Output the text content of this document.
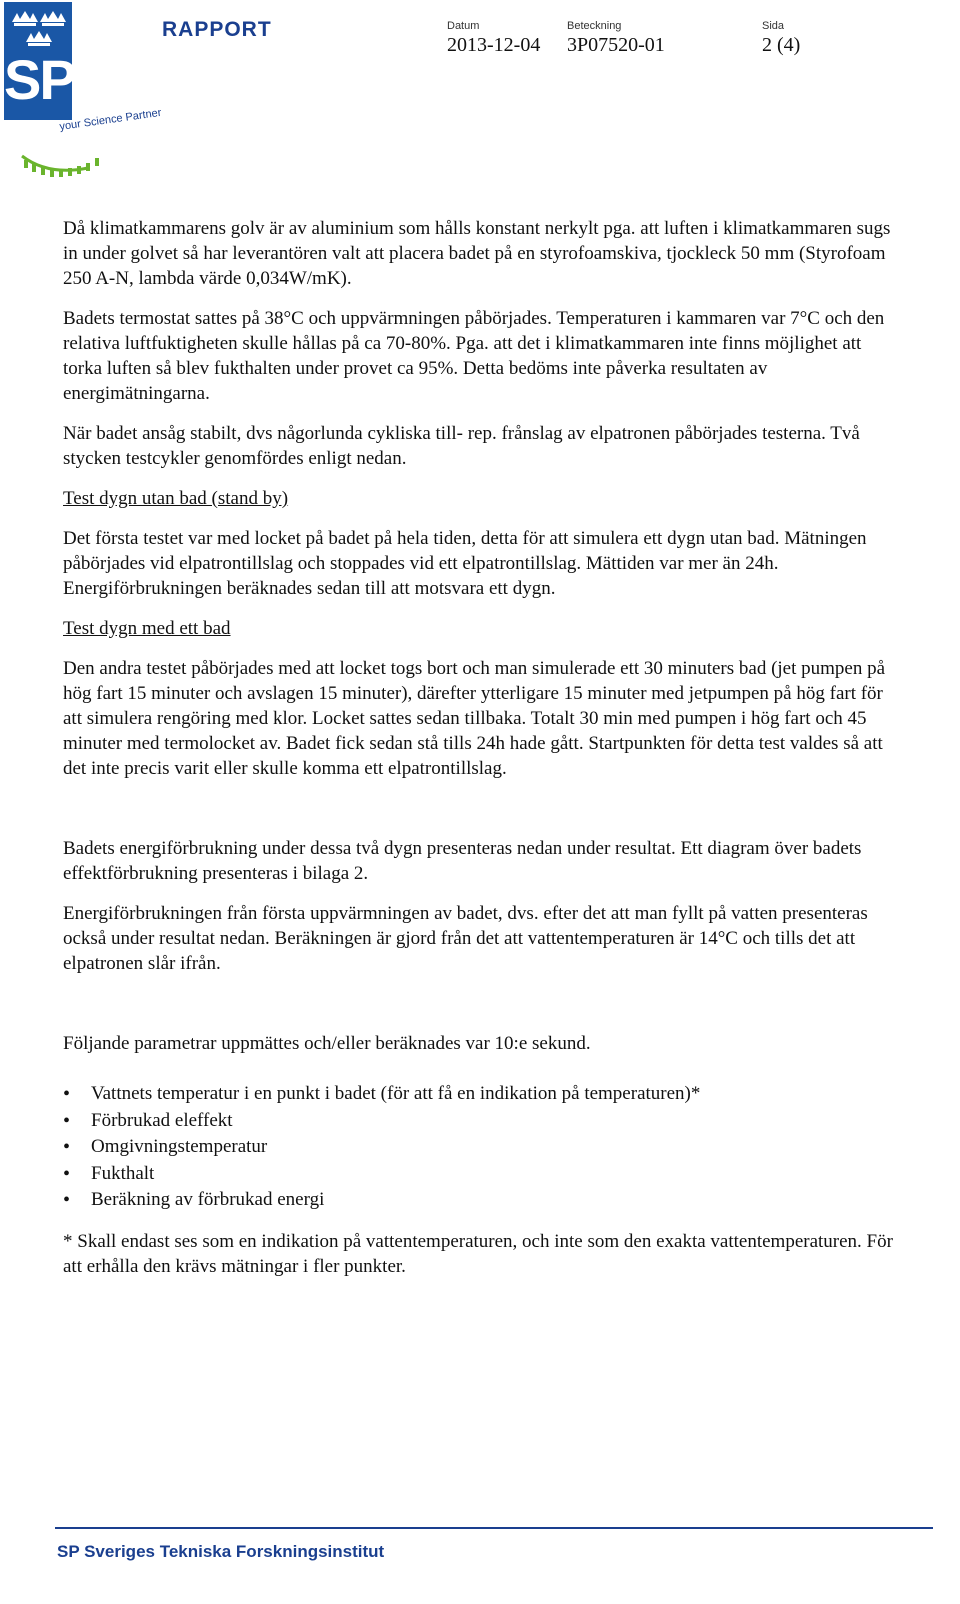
SP
your Science Partner
RAPPORT	Datum
2013-12-04
Beteckning
3P07520-01
Sida
2 (4)

Då klimatkammarens golv är av aluminium som hålls konstant nerkylt pga. att luften i klimatkammaren sugs in under golvet så har leverantören valt att placera badet på en styrofoamskiva, tjockleck 50 mm (Styrofoam 250 A-N, lambda värde 0,034W/mK).

Badets termostat sattes på 38°C och uppvärmningen påbörjades. Temperaturen i kammaren var 7°C och den relativa luftfuktigheten skulle hållas på ca 70-80%. Pga. att det i klimatkammaren inte finns möjlighet att torka luften så blev fukthalten under provet ca 95%. Detta bedöms inte påverka resultaten av energimätningarna.

När badet ansåg stabilt, dvs någorlunda cykliska till- rep. frånslag av elpatronen påbörjades testerna. Två stycken testcykler genomfördes enligt nedan.

Test dygn utan bad (stand by)

Det första testet var med locket på badet på hela tiden, detta för att simulera ett dygn utan bad. Mätningen påbörjades vid elpatrontillslag och stoppades vid ett elpatrontillslag. Mättiden var mer än 24h. Energiförbrukningen beräknades sedan till att motsvara ett dygn.

Test dygn med ett bad

Den andra testet påbörjades med att locket togs bort och man simulerade ett 30 minuters bad (jet pumpen på hög fart 15 minuter och avslagen 15 minuter), därefter ytterligare 15 minuter med jetpumpen på hög fart för att simulera rengöring med klor. Locket sattes sedan tillbaka. Totalt 30 min med pumpen i hög fart och 45 minuter med termolocket av. Badet fick sedan stå tills 24h hade gått. Startpunkten för detta test valdes så att det inte precis varit eller skulle komma ett elpatrontillslag.

Badets energiförbrukning under dessa två dygn presenteras nedan under resultat. Ett diagram över badets effektförbrukning presenteras i bilaga 2.

Energiförbrukningen från första uppvärmningen av badet, dvs. efter det att man fyllt på vatten presenteras också under resultat nedan. Beräkningen är gjord från det att vattentemperaturen är 14°C och tills det att elpatronen slår ifrån.

Följande parametrar uppmättes och/eller beräknades var 10:e sekund.

• Vattnets temperatur i en punkt i badet (för att få en indikation på temperaturen)*
• Förbrukad eleffekt
• Omgivningstemperatur
• Fukthalt
• Beräkning av förbrukad energi

* Skall endast ses som en indikation på vattentemperaturen, och inte som den exakta vattentemperaturen. För att erhålla den krävs mätningar i fler punkter.

SP Sveriges Tekniska Forskningsinstitut
